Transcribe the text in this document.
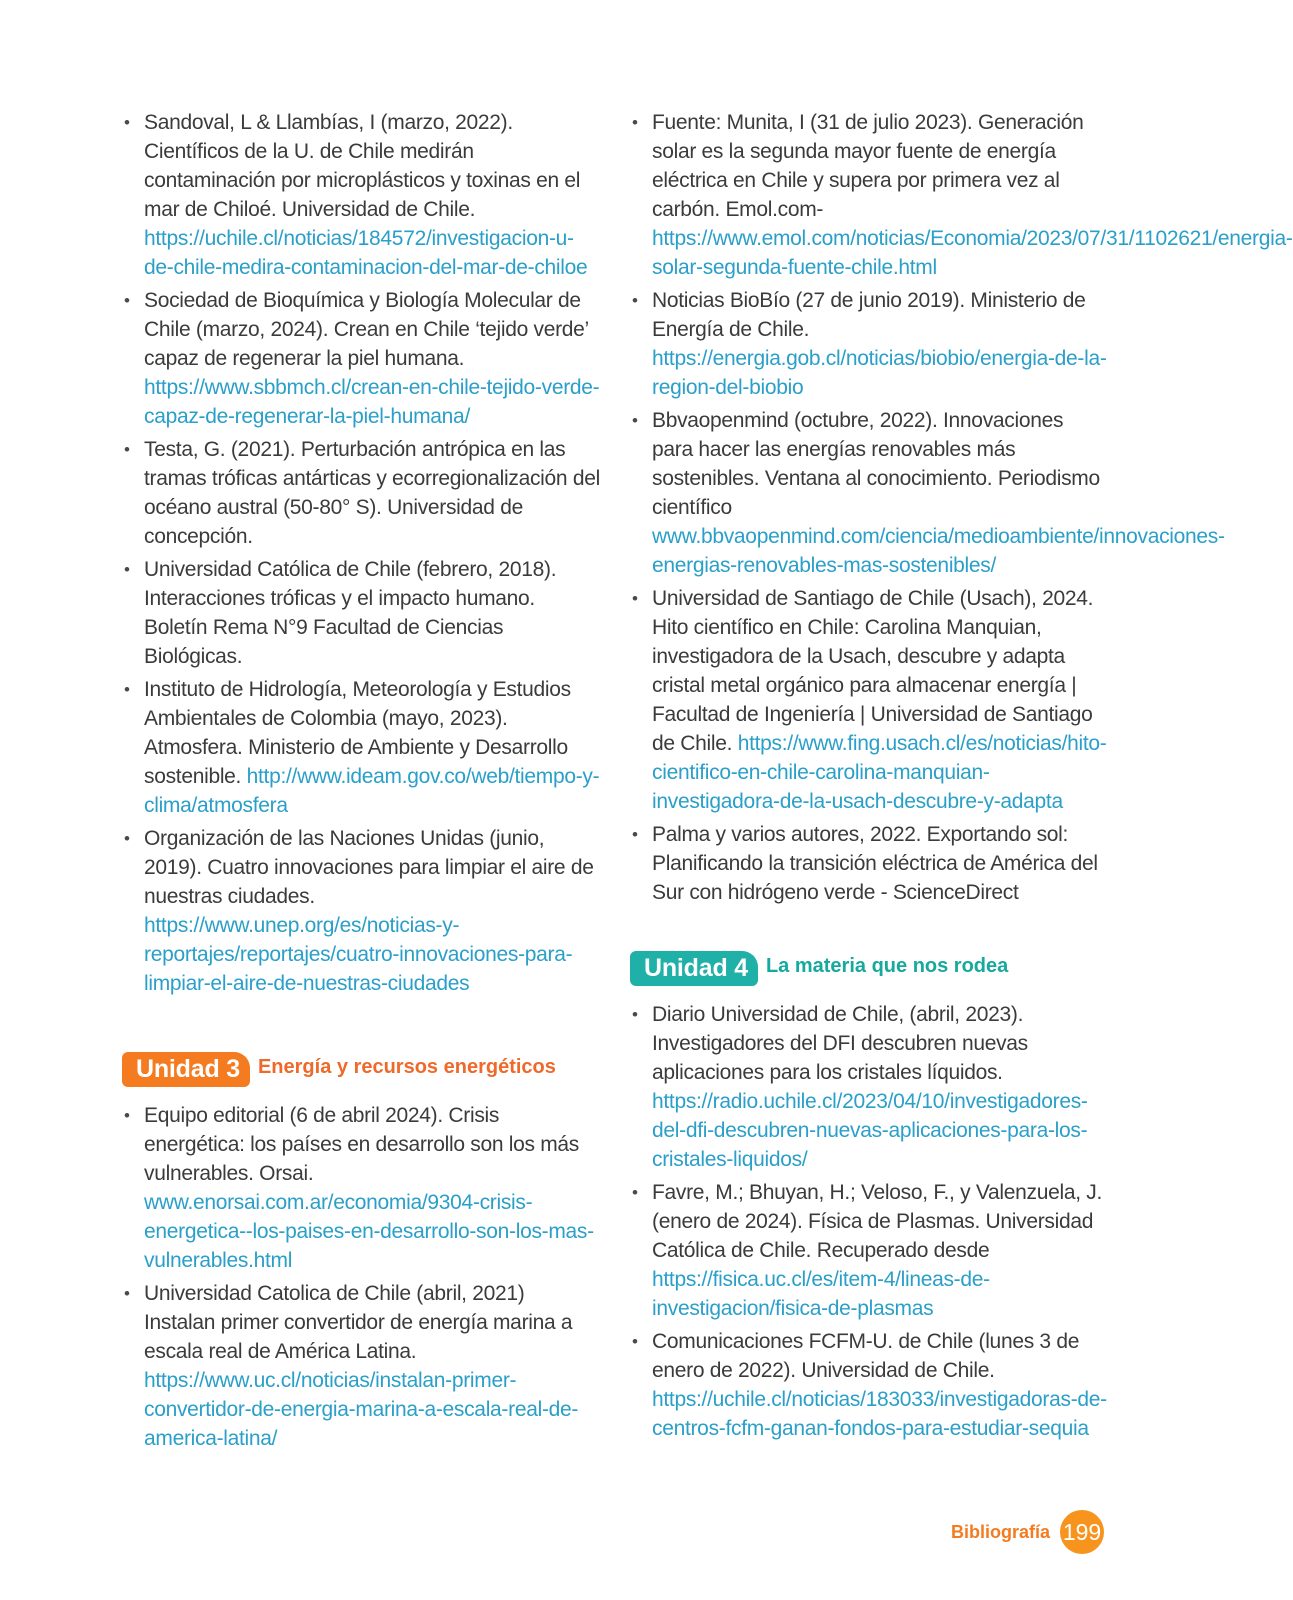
• Sandoval, L & Llambías, I (marzo, 2022). Científicos de la U. de Chile medirán contaminación por microplásticos y toxinas en el mar de Chiloé. Universidad de Chile. https://uchile.cl/noticias/184572/investigacion-u-de-chile-medira-contaminacion-del-mar-de-chiloe
• Sociedad de Bioquímica y Biología Molecular de Chile (marzo, 2024). Crean en Chile ‘tejido verde’ capaz de regenerar la piel humana. https://www.sbbmch.cl/crean-en-chile-tejido-verde-capaz-de-regenerar-la-piel-humana/
• Testa, G. (2021). Perturbación antrópica en las tramas tróficas antárticas y ecorregionalización del océano austral (50-80° S). Universidad de concepción.
• Universidad Católica de Chile (febrero, 2018). Interacciones tróficas y el impacto humano. Boletín Rema N°9 Facultad de Ciencias Biológicas.
• Instituto de Hidrología, Meteorología y Estudios Ambientales de Colombia (mayo, 2023). Atmosfera. Ministerio de Ambiente y Desarrollo sostenible. http://www.ideam.gov.co/web/tiempo-y-clima/atmosfera
• Organización de las Naciones Unidas (junio, 2019). Cuatro innovaciones para limpiar el aire de nuestras ciudades. https://www.unep.org/es/noticias-y-reportajes/reportajes/cuatro-innovaciones-para-limpiar-el-aire-de-nuestras-ciudades
Unidad 3 Energía y recursos energéticos
• Equipo editorial (6 de abril 2024). Crisis energética: los países en desarrollo son los más vulnerables. Orsai. www.enorsai.com.ar/economia/9304-crisis-energetica--los-paises-en-desarrollo-son-los-mas-vulnerables.html
• Universidad Catolica de Chile (abril, 2021) Instalan primer convertidor de energía marina a escala real de América Latina. https://www.uc.cl/noticias/instalan-primer-convertidor-de-energia-marina-a-escala-real-de-america-latina/
• Fuente: Munita, I (31 de julio 2023). Generación solar es la segunda mayor fuente de energía eléctrica en Chile y supera por primera vez al carbón. Emol.com- https://www.emol.com/noticias/Economia/2023/07/31/1102621/energia-solar-segunda-fuente-chile.html
• Noticias BioBío (27 de junio 2019). Ministerio de Energía de Chile. https://energia.gob.cl/noticias/biobio/energia-de-la-region-del-biobio
• Bbvaopenmind (octubre, 2022). Innovaciones para hacer las energías renovables más sostenibles. Ventana al conocimiento. Periodismo científico www.bbvaopenmind.com/ciencia/medioambiente/innovaciones-energias-renovables-mas-sostenibles/
• Universidad de Santiago de Chile (Usach), 2024. Hito científico en Chile: Carolina Manquian, investigadora de la Usach, descubre y adapta cristal metal orgánico para almacenar energía | Facultad de Ingeniería | Universidad de Santiago de Chile. https://www.fing.usach.cl/es/noticias/hito-cientifico-en-chile-carolina-manquian-investigadora-de-la-usach-descubre-y-adapta
• Palma y varios autores, 2022. Exportando sol: Planificando la transición eléctrica de América del Sur con hidrógeno verde - ScienceDirect
Unidad 4 La materia que nos rodea
• Diario Universidad de Chile, (abril, 2023). Investigadores del DFI descubren nuevas aplicaciones para los cristales líquidos. https://radio.uchile.cl/2023/04/10/investigadores-del-dfi-descubren-nuevas-aplicaciones-para-los-cristales-liquidos/
• Favre, M.; Bhuyan, H.; Veloso, F., y Valenzuela, J. (enero de 2024). Física de Plasmas. Universidad Católica de Chile. Recuperado desde https://fisica.uc.cl/es/item-4/lineas-de-investigacion/fisica-de-plasmas
• Comunicaciones FCFM-U. de Chile (lunes 3 de enero de 2022). Universidad de Chile. https://uchile.cl/noticias/183033/investigadoras-de-centros-fcfm-ganan-fondos-para-estudiar-sequia
Bibliografía 199
